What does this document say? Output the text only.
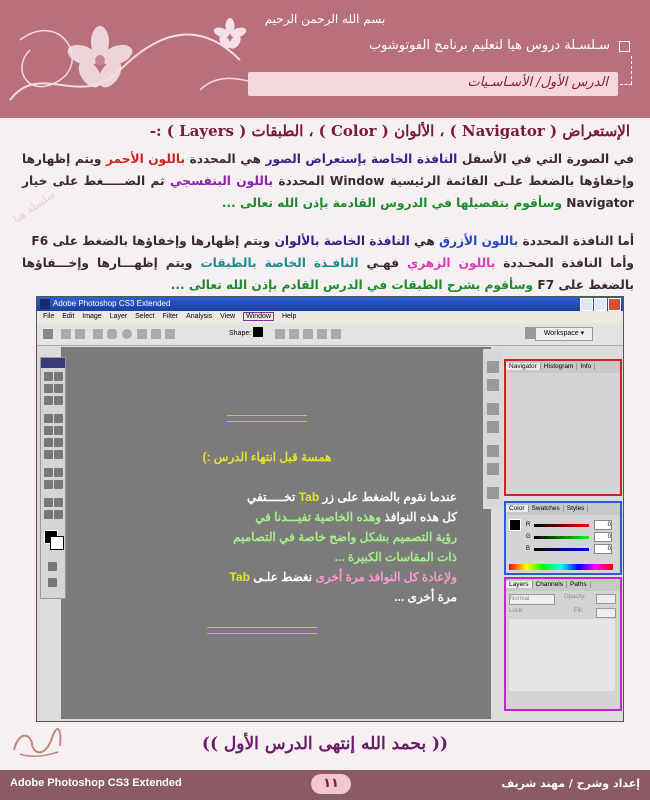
بسم الله الرحمن الرحيم
سـلسـلة دروس هيا لتعليم برنامج الفوتوشوب
الدرس الأول/ الأسـاسـيات
سلسلة هيا
الإستعراض ( Navigator ) ، الألوان ( Color ) ، الطبقات ( Layers ) :-
في الصورة التي في الأسفل النافذة الخاصة بإستعراض الصور هي المحددة باللون الأحمر ويتم إظهارها وإخفاؤها بالضغط علـى القائمة الرئيسية Window المحددة باللون البنفسجي ثم الضـــــغط على خيار Navigator وسأقوم بتفصيلها في الدروس القادمة بإذن الله تعالى ...
أما النافذة المحددة باللون الأزرق هي النافذة الخاصة بالألوان ويتم إظهارها وإخفاؤها بالضغط على F6
وأما النافذة المحـددة باللون الزهري فهـي النافـذة الخاصة بالطبقات ويتم إظهـــارها وإخـــفاؤها بالضغط على F7 وسأقوم بشرح الطبقات في الدرس القادم بإذن الله تعالى ...
Adobe Photoshop CS3 Extended
File Edit Image Layer Select Filter Analysis View Window Help
Shape:	Workspace ▾
Navigator Histogram Info
Color Swatches Styles
R	0
G	0
B	0
Layers Channels Paths
Normal	Opacity:
Lock:	Fill:
همسة قبل انتهاء الدرس :)
عندما نقوم بالضغط على زر Tab تخـــــتفي
كل هذه النوافذ وهذه الخاصية تفيـــدنا في
رؤية التصميم بشكل واضح خاصة في التصاميم
ذات المقاسات الكبيرة ...
ولإعادة كل النوافذ مرة أخرى نغضط علـى Tab
مرة أخرى ...
(( بحمد الله إنتهى الدرس الأول ))
Adobe Photoshop CS3 Extended	١١	إعداد وشرح / مهند شريف
